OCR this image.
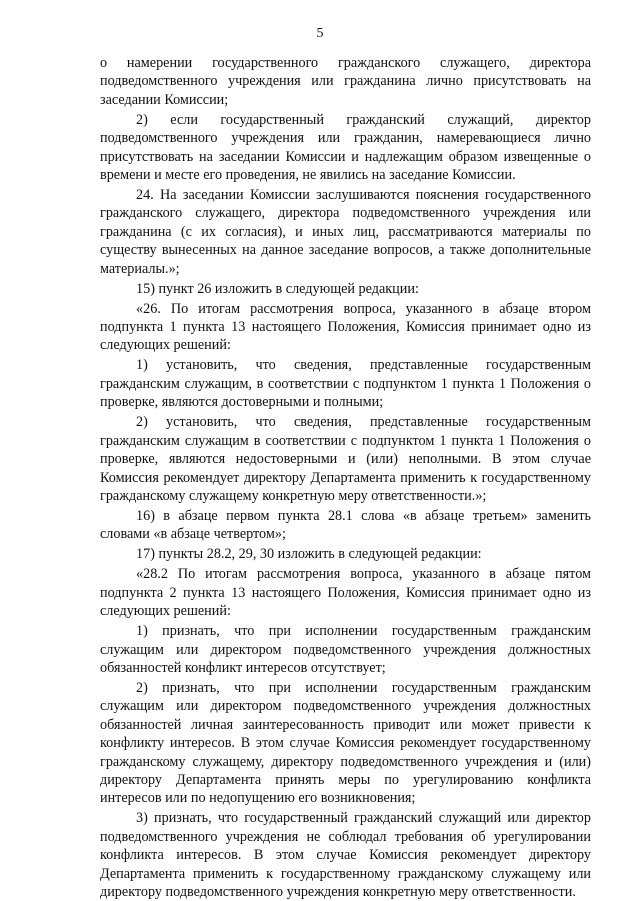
5

о намерении государственного гражданского служащего, директора подведомственного учреждения или гражданина лично присутствовать на заседании Комиссии;

2) если государственный гражданский служащий, директор подведомственного учреждения или гражданин, намеревающиеся лично присутствовать на заседании Комиссии и надлежащим образом извещенные о времени и месте его проведения, не явились на заседание Комиссии.

24. На заседании Комиссии заслушиваются пояснения государственного гражданского служащего, директора подведомственного учреждения или гражданина (с их согласия), и иных лиц, рассматриваются материалы по существу вынесенных на данное заседание вопросов, а также дополнительные материалы.»;

15) пункт 26 изложить в следующей редакции:

«26. По итогам рассмотрения вопроса, указанного в абзаце втором подпункта 1 пункта 13 настоящего Положения, Комиссия принимает одно из следующих решений:

1) установить, что сведения, представленные государственным гражданским служащим, в соответствии с подпунктом 1 пункта 1 Положения о проверке, являются достоверными и полными;

2) установить, что сведения, представленные государственным гражданским служащим в соответствии с подпунктом 1 пункта 1 Положения о проверке, являются недостоверными и (или) неполными. В этом случае Комиссия рекомендует директору Департамента применить к государственному гражданскому служащему конкретную меру ответственности.»;

16) в абзаце первом пункта 28.1 слова «в абзаце третьем» заменить словами «в абзаце четвертом»;

17) пункты 28.2, 29, 30 изложить в следующей редакции:

«28.2 По итогам рассмотрения вопроса, указанного в абзаце пятом подпункта 2 пункта 13 настоящего Положения, Комиссия принимает одно из следующих решений:

1) признать, что при исполнении государственным гражданским служащим или директором подведомственного учреждения должностных обязанностей конфликт интересов отсутствует;

2) признать, что при исполнении государственным гражданским служащим или директором подведомственного учреждения должностных обязанностей личная заинтересованность приводит или может привести к конфликту интересов. В этом случае Комиссия рекомендует государственному гражданскому служащему, директору подведомственного учреждения и (или) директору Департамента принять меры по урегулированию конфликта интересов или по недопущению его возникновения;

3) признать, что государственный гражданский служащий или директор подведомственного учреждения не соблюдал требования об урегулировании конфликта интересов. В этом случае Комиссия рекомендует директору Департамента применить к государственному гражданскому служащему или директору подведомственного учреждения конкретную меру ответственности.
